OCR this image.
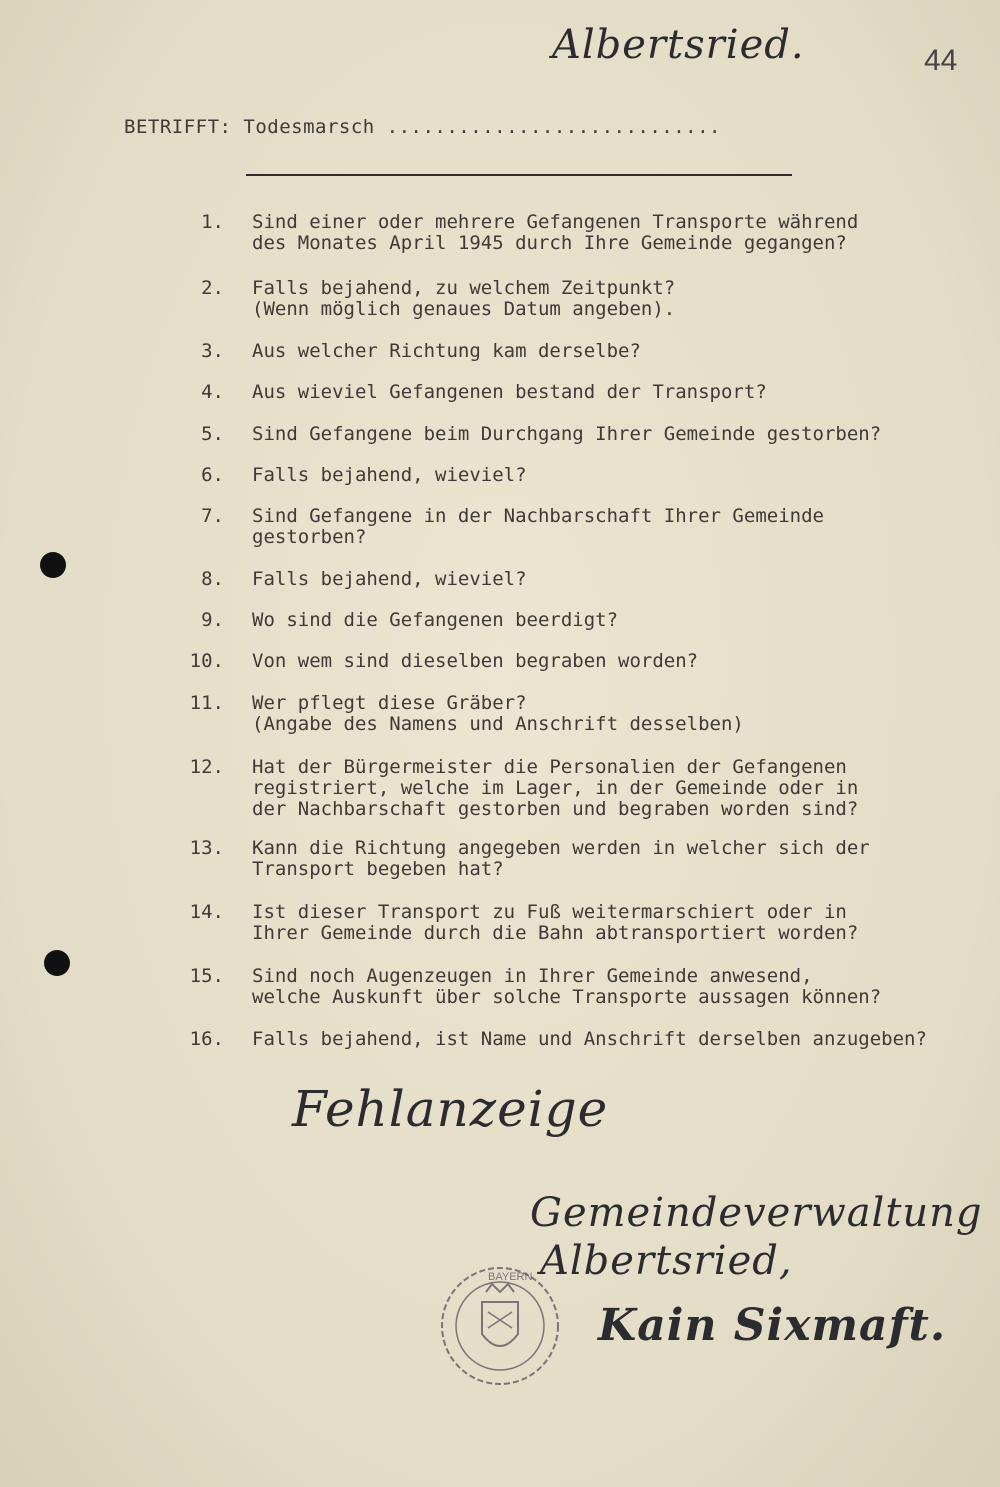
Albertsried.	44
BETRIFFT: Todesmarsch ............................
1. Sind einer oder mehrere Gefangenen Transporte während
des Monates April 1945 durch Ihre Gemeinde gegangen?
2. Falls bejahend, zu welchem Zeitpunkt?
(Wenn möglich genaues Datum angeben).
3. Aus welcher Richtung kam derselbe?
4. Aus wieviel Gefangenen bestand der Transport?
5. Sind Gefangene beim Durchgang Ihrer Gemeinde gestorben?
6. Falls bejahend, wieviel?
7. Sind Gefangene in der Nachbarschaft Ihrer Gemeinde
gestorben?
8. Falls bejahend, wieviel?
9. Wo sind die Gefangenen beerdigt?
10. Von wem sind dieselben begraben worden?
11. Wer pflegt diese Gräber?
(Angabe des Namens und Anschrift desselben)
12. Hat der Bürgermeister die Personalien der Gefangenen
registriert, welche im Lager, in der Gemeinde oder in
der Nachbarschaft gestorben und begraben worden sind?
13. Kann die Richtung angegeben werden in welcher sich der
Transport begeben hat?
14. Ist dieser Transport zu Fuß weitermarschiert oder in
Ihrer Gemeinde durch die Bahn abtransportiert worden?
15. Sind noch Augenzeugen in Ihrer Gemeinde anwesend,
welche Auskunft über solche Transporte aussagen können?
16. Falls bejahend, ist Name und Anschrift derselben anzugeben?
Fehlanzeige
Gemeindeverwaltung
Albertsried,
Kain Sixmaft.
BAYERN
